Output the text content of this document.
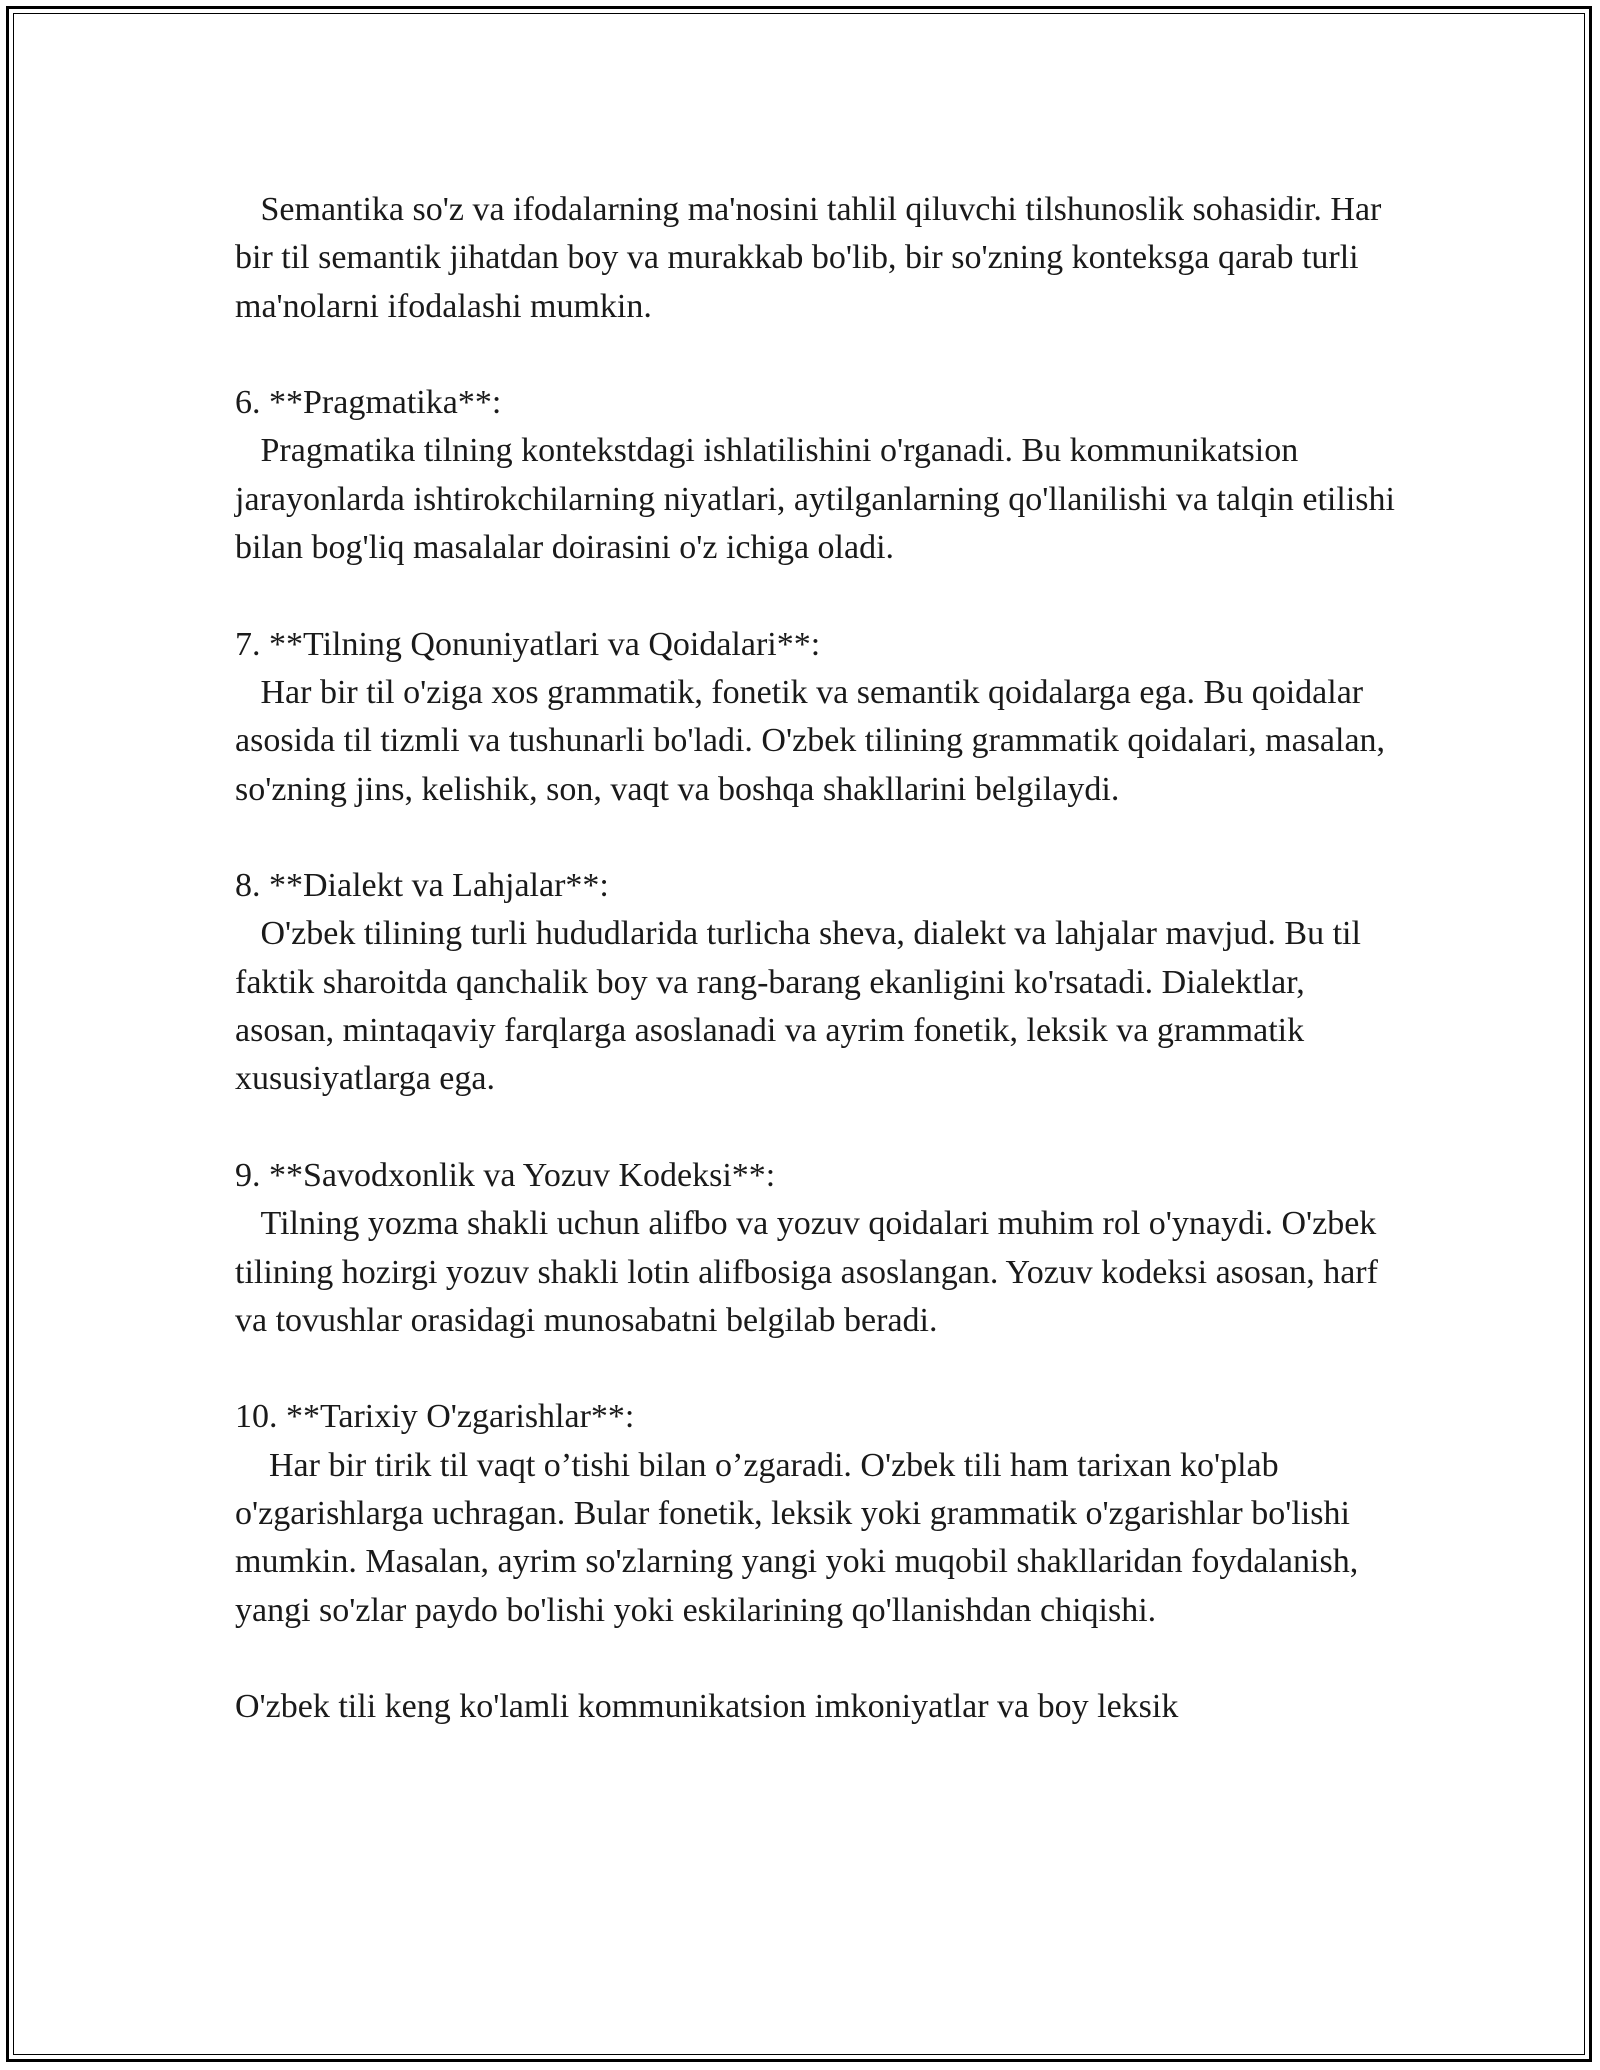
Semantika so'z va ifodalarning ma'nosini tahlil qiluvchi tilshunoslik sohasidir. Har bir til semantik jihatdan boy va murakkab bo'lib, bir so'zning konteksga qarab turli ma'nolarni ifodalashi mumkin.
6. **Pragmatika**:
Pragmatika tilning kontekstdagi ishlatilishini o'rganadi. Bu kommunikatsion jarayonlarda ishtirokchilarning niyatlari, aytilganlarning qo'llanilishi va talqin etilishi bilan bog'liq masalalar doirasini o'z ichiga oladi.
7. **Tilning Qonuniyatlari va Qoidalari**:
Har bir til o'ziga xos grammatik, fonetik va semantik qoidalarga ega. Bu qoidalar asosida til tizmli va tushunarli bo'ladi. O'zbek tilining grammatik qoidalari, masalan, so'zning jins, kelishik, son, vaqt va boshqa shakllarini belgilaydi.
8. **Dialekt va Lahjalar**:
O'zbek tilining turli hududlarida turlicha sheva, dialekt va lahjalar mavjud. Bu til faktik sharoitda qanchalik boy va rang-barang ekanligini ko'rsatadi. Dialektlar, asosan, mintaqaviy farqlarga asoslanadi va ayrim fonetik, leksik va grammatik xususiyatlarga ega.
9. **Savodxonlik va Yozuv Kodeksi**:
Tilning yozma shakli uchun alifbo va yozuv qoidalari muhim rol o'ynaydi. O'zbek tilining hozirgi yozuv shakli lotin alifbosiga asoslangan. Yozuv kodeksi asosan, harf va tovushlar orasidagi munosabatni belgilab beradi.
10. **Tarixiy O'zgarishlar**:
Har bir tirik til vaqt o’tishi bilan o’zgaradi. O'zbek tili ham tarixan ko'plab o'zgarishlarga uchragan. Bular fonetik, leksik yoki grammatik o'zgarishlar bo'lishi mumkin. Masalan, ayrim so'zlarning yangi yoki muqobil shakllaridan foydalanish, yangi so'zlar paydo bo'lishi yoki eskilarining qo'llanishdan chiqishi.
O'zbek tili keng ko'lamli kommunikatsion imkoniyatlar va boy leksik
